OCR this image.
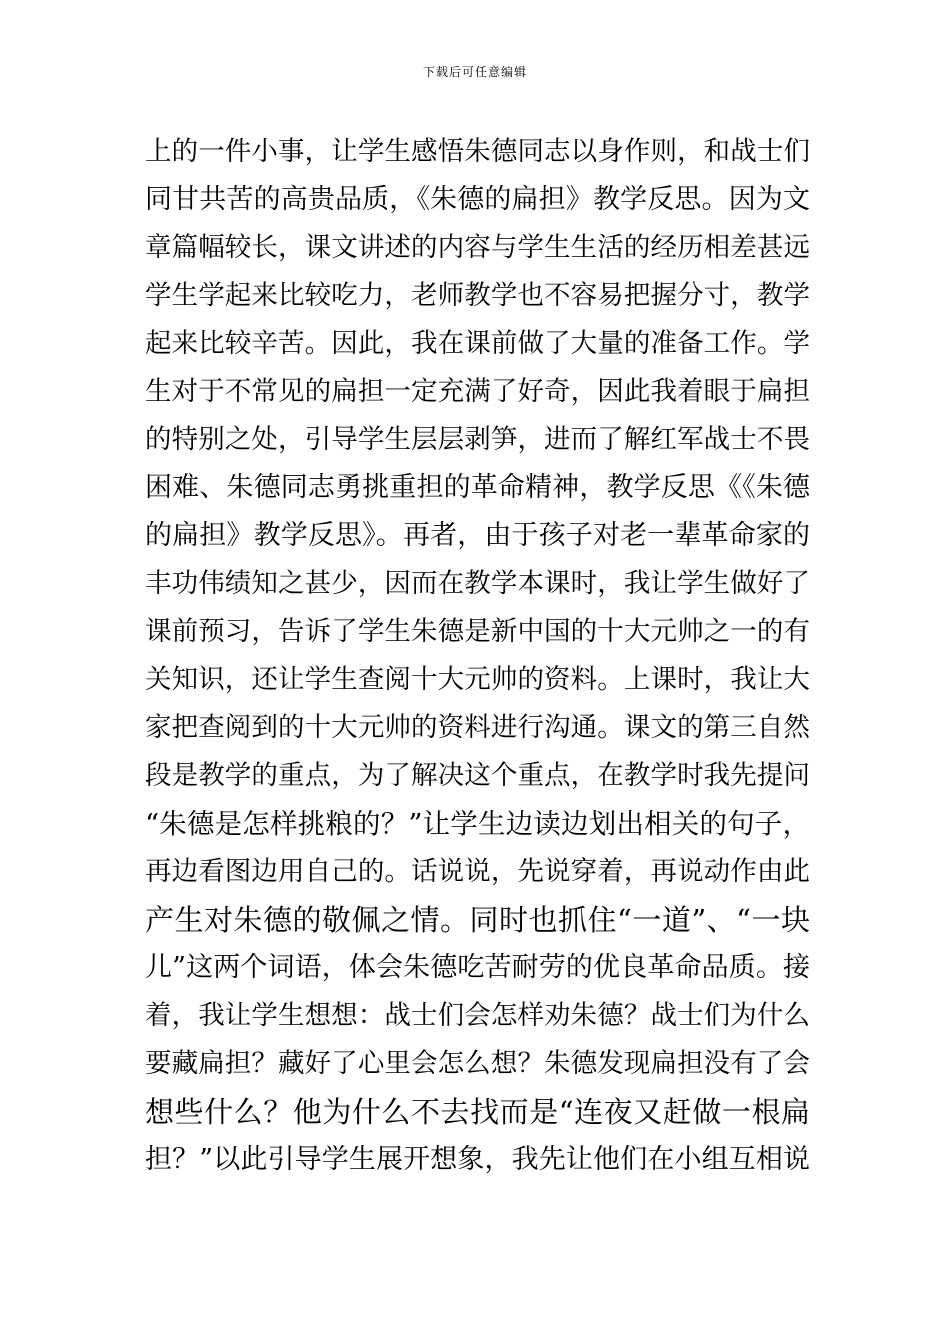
下载后可任意编辑
上的一件小事，让学生感悟朱德同志以身作则，和战士们
同甘共苦的高贵品质，《朱德的扁担》教学反思。因为文
章篇幅较长，课文讲述的内容与学生生活的经历相差甚远
学生学起来比较吃力，老师教学也不容易把握分寸，教学
起来比较辛苦。因此，我在课前做了大量的准备工作。学
生对于不常见的扁担一定充满了好奇，因此我着眼于扁担
的特别之处，引导学生层层剥笋，进而了解红军战士不畏
困难、朱德同志勇挑重担的革命精神，教学反思《《朱德
的扁担》教学反思》。再者，由于孩子对老一辈革命家的
丰功伟绩知之甚少，因而在教学本课时，我让学生做好了
课前预习，告诉了学生朱德是新中国的十大元帅之一的有
关知识，还让学生查阅十大元帅的资料。上课时，我让大
家把查阅到的十大元帅的资料进行沟通。课文的第三自然
段是教学的重点，为了解决这个重点，在教学时我先提问
“朱德是怎样挑粮的？”让学生边读边划出相关的句子，
再边看图边用自己的。话说说，先说穿着，再说动作由此
产生对朱德的敬佩之情。同时也抓住“一道”、“一块
儿”这两个词语，体会朱德吃苦耐劳的优良革命品质。接
着，我让学生想想：战士们会怎样劝朱德？战士们为什么
要藏扁担？藏好了心里会怎么想？朱德发现扁担没有了会
想些什么？他为什么不去找而是“连夜又赶做一根扁
担？”以此引导学生展开想象，我先让他们在小组互相说
